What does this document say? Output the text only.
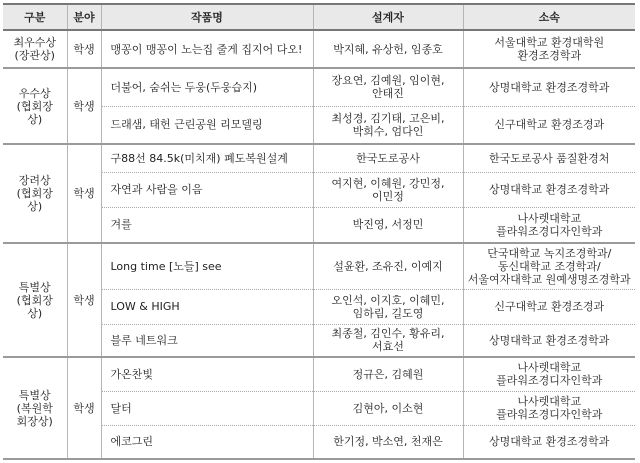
구분	분야	작품명	설계자	소속

최우수상
(장관상)	학생	맹꽁이 맹꽁이 노는집 줄게 집지어 다오!	박지혜, 유상헌, 임종호	서울대학교 환경대학원
환경조경학과

우수상
(협회장
상)	학생	더불어, 숨쉬는 두웅(두웅습지)	장요연, 김예원, 임이현,
안태진	상명대학교 환경조경학과

		드래샘, 태헌 근린공원 리모델링	최성경, 김기태, 고은비,
박희수, 엄다인	신구대학교 환경조경과

장려상
(협회장
상)	학생	구88선 84.5k(미치재) 폐도복원설계	한국도로공사	한국도로공사 품질환경처

		자연과 사람을 이음	여지현, 이혜원, 강민정,
이민정	상명대학교 환경조경학과

		겨를	박진영, 서정민	나사렛대학교
플라워조경디자인학과

특별상
(협회장
상)	학생	Long time [노들] see	설윤환, 조유진, 이예지	단국대학교 녹지조경학과/
동신대학교 조경학과/
서울여자대학교 원예생명조경학과

		LOW & HIGH	오인석, 이지호, 이혜민,
임하림, 길도영	신구대학교 환경조경과

		블루 네트워크	최종철, 김인수, 황유리,
서효선	상명대학교 환경조경학과

특별상
(복원학
회장상)	학생	가온찬빛	정규은, 김혜원	나사렛대학교
플라워조경디자인학과

		달터	김현아, 이소현	나사렛대학교
플라워조경디자인학과

		에코그린	한기정, 박소연, 천재은	상명대학교 환경조경학과
